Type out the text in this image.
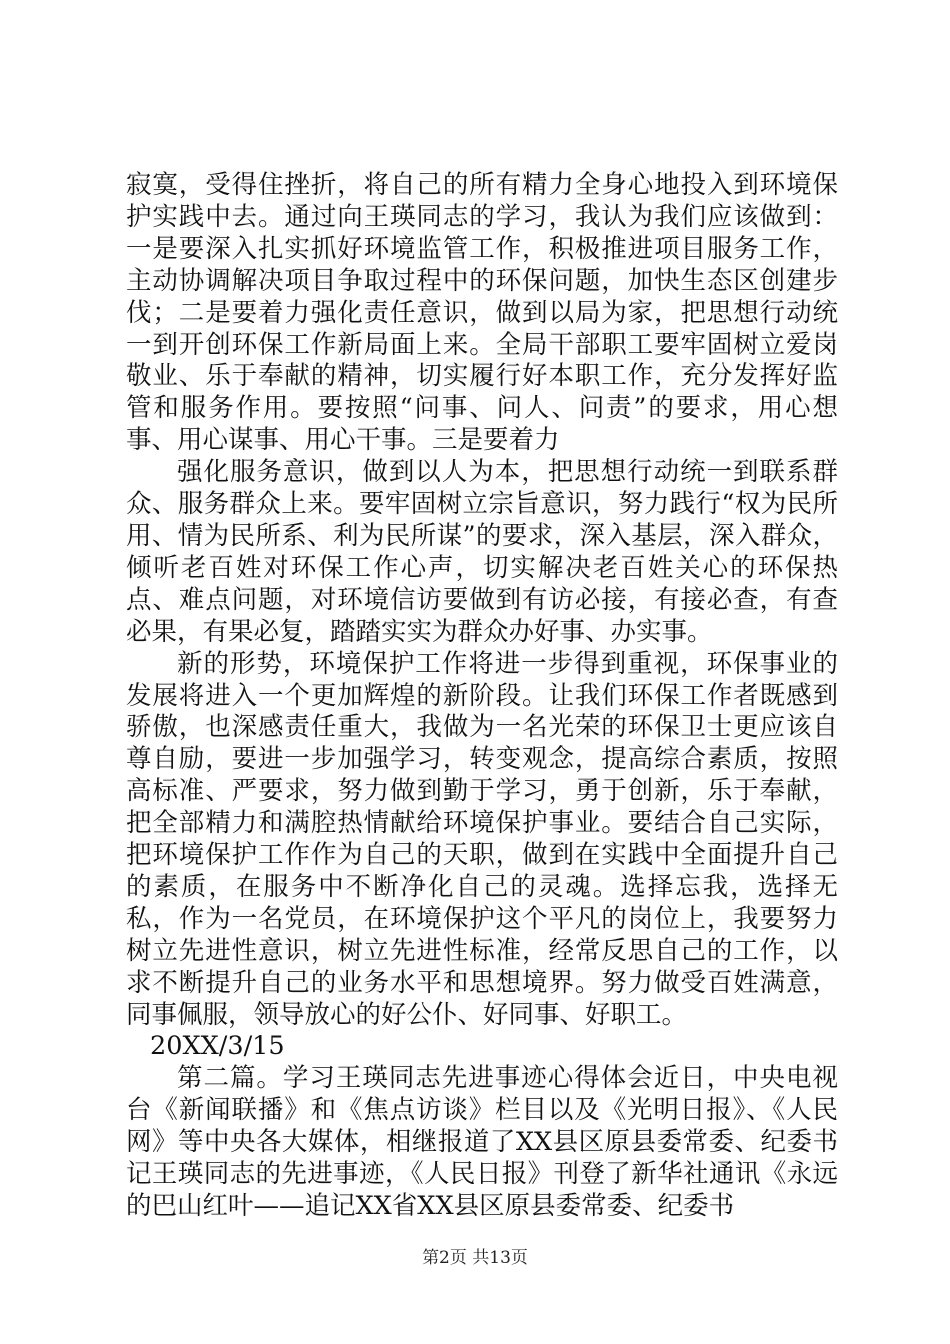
寂寞，受得住挫折，将自己的所有精力全身心地投入到环境保护实践中去。通过向王瑛同志的学习，我认为我们应该做到：一是要深入扎实抓好环境监管工作，积极推进项目服务工作，主动协调解决项目争取过程中的环保问题，加快生态区创建步伐；二是要着力强化责任意识，做到以局为家，把思想行动统一到开创环保工作新局面上来。全局干部职工要牢固树立爱岗敬业、乐于奉献的精神，切实履行好本职工作，充分发挥好监管和服务作用。要按照“问事、问人、问责”的要求，用心想事、用心谋事、用心干事。三是要着力

强化服务意识，做到以人为本，把思想行动统一到联系群众、服务群众上来。要牢固树立宗旨意识，努力践行“权为民所用、情为民所系、利为民所谋”的要求，深入基层，深入群众，倾听老百姓对环保工作心声，切实解决老百姓关心的环保热点、难点问题，对环境信访要做到有访必接，有接必查，有查必果，有果必复，踏踏实实为群众办好事、办实事。

新的形势，环境保护工作将进一步得到重视，环保事业的发展将进入一个更加辉煌的新阶段。让我们环保工作者既感到骄傲，也深感责任重大，我做为一名光荣的环保卫士更应该自尊自励，要进一步加强学习，转变观念，提高综合素质，按照高标准、严要求，努力做到勤于学习，勇于创新，乐于奉献，把全部精力和满腔热情献给环境保护事业。要结合自己实际，把环境保护工作作为自己的天职，做到在实践中全面提升自己的素质，在服务中不断净化自己的灵魂。选择忘我，选择无私，作为一名党员，在环境保护这个平凡的岗位上，我要努力树立先进性意识，树立先进性标准，经常反思自己的工作，以求不断提升自己的业务水平和思想境界。努力做受百姓满意，同事佩服，领导放心的好公仆、好同事、好职工。

20XX/3/15

第二篇。学习王瑛同志先进事迹心得体会近日，中央电视台《新闻联播》和《焦点访谈》栏目以及《光明日报》、《人民网》等中央各大媒体，相继报道了XX县区原县委常委、纪委书记王瑛同志的先进事迹，《人民日报》刊登了新华社通讯《永远的巴山红叶——追记XX省XX县区原县委常委、纪委书

第2页 共13页
